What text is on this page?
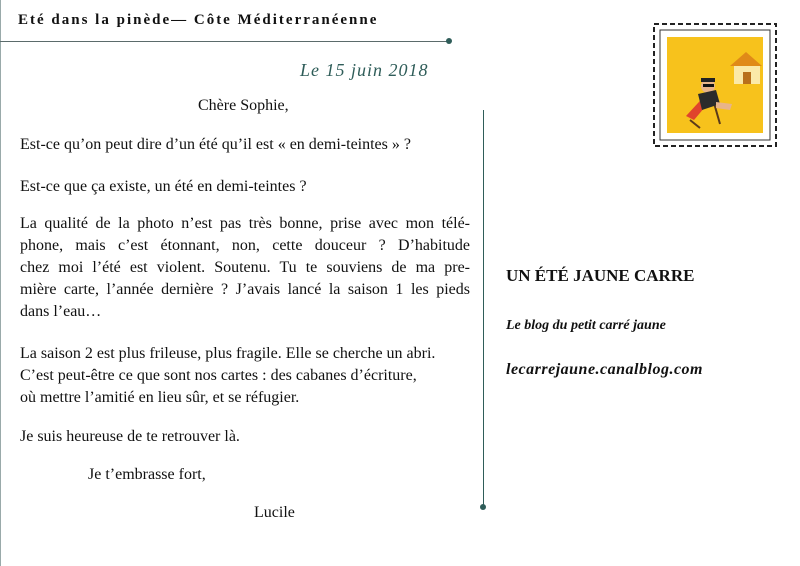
Eté dans la pinède— Côte Méditerranéenne
Le 15 juin 2018
Chère Sophie,
Est-ce qu’on peut dire d’un été qu’il est « en demi-teintes » ?
Est-ce que ça existe, un été en demi-teintes ?
La qualité de la photo n’est pas très bonne, prise avec mon télé-
phone, mais c’est étonnant, non, cette douceur ? D’habitude
chez moi l’été est violent. Soutenu. Tu te souviens de ma pre-
mière carte, l’année dernière ? J’avais lancé la saison 1 les pieds
dans l’eau…
La saison 2 est plus frileuse, plus fragile. Elle se cherche un abri.
C’est peut-être ce que sont nos cartes : des cabanes d’écriture,
où mettre l’amitié en lieu sûr, et se réfugier.
Je suis heureuse de te retrouver là.
Je t’embrasse fort,
Lucile
UN ÉTÉ JAUNE CARRE
Le blog du petit carré jaune
lecarrejaune.canalblog.com
